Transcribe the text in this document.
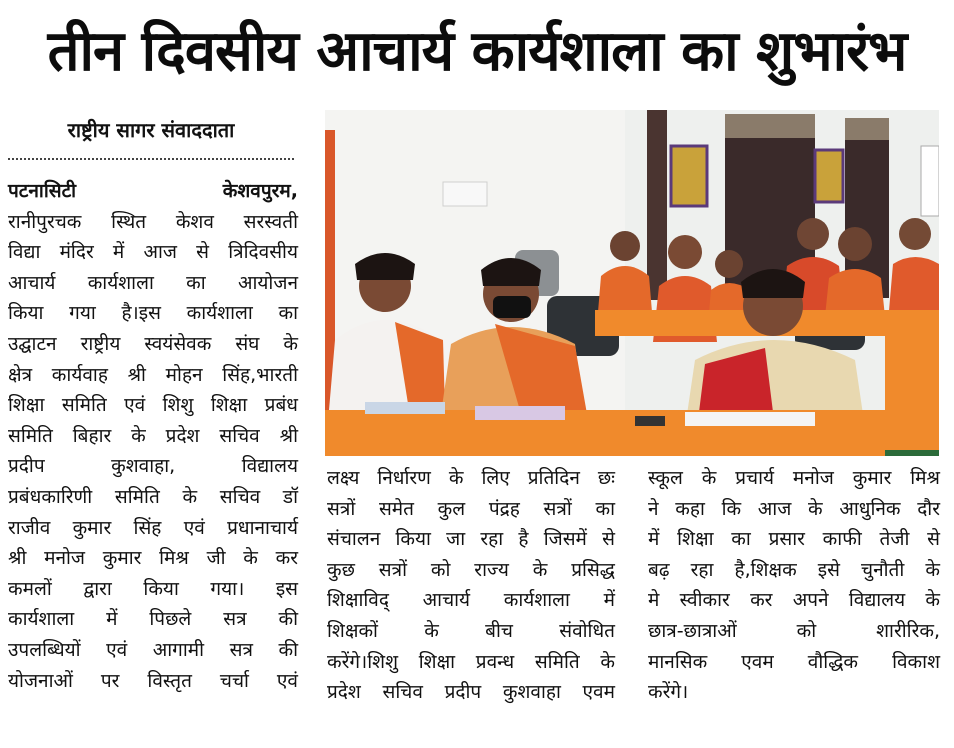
तीन दिवसीय आचार्य कार्यशाला का शुभारंभ
राष्ट्रीय सागर संवाददाता

पटनासिटी केशवपुरम,

रानीपुरचक स्थित केशव सरस्वती

विद्या मंदिर में आज से त्रिदिवसीय

आचार्य कार्यशाला का आयोजन

किया गया है।इस कार्यशाला का

उद्घाटन राष्ट्रीय स्वयंसेवक संघ के

क्षेत्र कार्यवाह श्री मोहन सिंह,भारती

शिक्षा समिति एवं शिशु शिक्षा प्रबंध

समिति बिहार के प्रदेश सचिव श्री

प्रदीप कुशवाहा, विद्यालय

प्रबंधकारिणी समिति के सचिव डॉ

राजीव कुमार सिंह एवं प्रधानाचार्य

श्री मनोज कुमार मिश्र जी के कर

कमलों द्वारा किया गया। इस

कार्यशाला में पिछले सत्र की

उपलब्धियों एवं आगामी सत्र की

योजनाओं पर विस्तृत चर्चा एवं

लक्ष्य निर्धारण के लिए प्रतिदिन छः

सत्रों समेत कुल पंद्रह सत्रों का

संचालन किया जा रहा है जिसमें से

कुछ सत्रों को राज्य के प्रसिद्ध

शिक्षाविद् आचार्य कार्यशाला में

शिक्षकों के बीच संवोधित

करेंगे।शिशु शिक्षा प्रवन्ध समिति के

प्रदेश सचिव प्रदीप कुशवाहा एवम

स्कूल के प्रचार्य मनोज कुमार मिश्र

ने कहा कि आज के आधुनिक दौर

में शिक्षा का प्रसार काफी तेजी से

बढ़ रहा है,शिक्षक इसे चुनौती के

मे स्वीकार कर अपने विद्यालय के

छात्र-छात्राओं को शारीरिक,

मानसिक एवम वौद्धिक विकाश

करेंगे।
